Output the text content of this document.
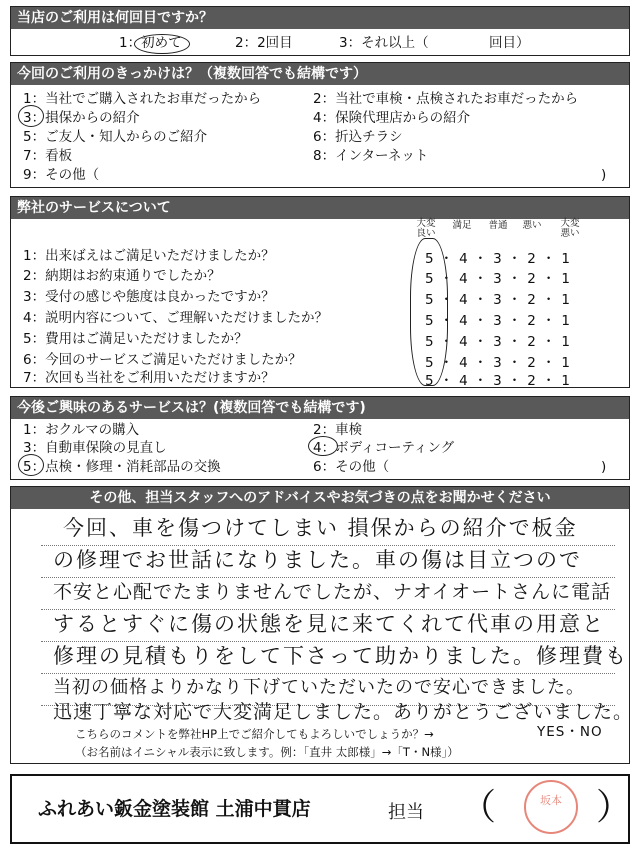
当店のご利用は何回目ですか？
1：初めて	2：2回目	3：それ以上（	回目）
今回のご利用のきっかけは？（複数回答でも結構です）
1：当社でご購入されたお車だったから
3：損保からの紹介
5：ご友人・知人からのご紹介
7：看板
9：その他（
2：当社で車検・点検されたお車だったから
4：保険代理店からの紹介
6：折込チラシ
8：インターネット
)
弊社のサービスについて
大変良い
満足	普通	悪い	大変悪い
1：出来ばえはご満足いただけましたか？	5・4・3・2・1
2：納期はお約束通りでしたか？	5・4・3・2・1
3：受付の感じや態度は良かったですか？	5・4・3・2・1
4：説明内容について、ご理解いただけましたか？	5・4・3・2・1
5：費用はご満足いただけましたか？	5・4・3・2・1
6：今回のサービスご満足いただけましたか？	5・4・3・2・1
7：次回も当社をご利用いただけますか？	5・4・3・2・1
今後ご興味のあるサービスは？(複数回答でも結構です)
1：おクルマの購入
3：自動車保険の見直し
5：点検・修理・消耗部品の交換
2：車検
4：ボディコーティング
6：その他（	)
その他、担当スタッフへのアドバイスやお気づきの点をお聞かせください
今回、車を傷つけてしまい 損保からの紹介で板金
の修理でお世話になりました。車の傷は目立つので
不安と心配でたまりませんでしたが、ナオイオートさんに電話
するとすぐに傷の状態を見に来てくれて代車の用意と
修理の見積もりをして下さって助かりました。修理費も
当初の価格よりかなり下げていただいたので安心できました。
迅速丁寧な対応で大変満足しました。ありがとうございました。
こちらのコメントを弊社HP上でご紹介してもよろしいでしょうか？→	YES・NO
（お名前はイニシャル表示に致します。例：「直井 太郎様」→「T・N様」）
ふれあい鈑金塗装館 土浦中貫店	担当 （	）
坂本
